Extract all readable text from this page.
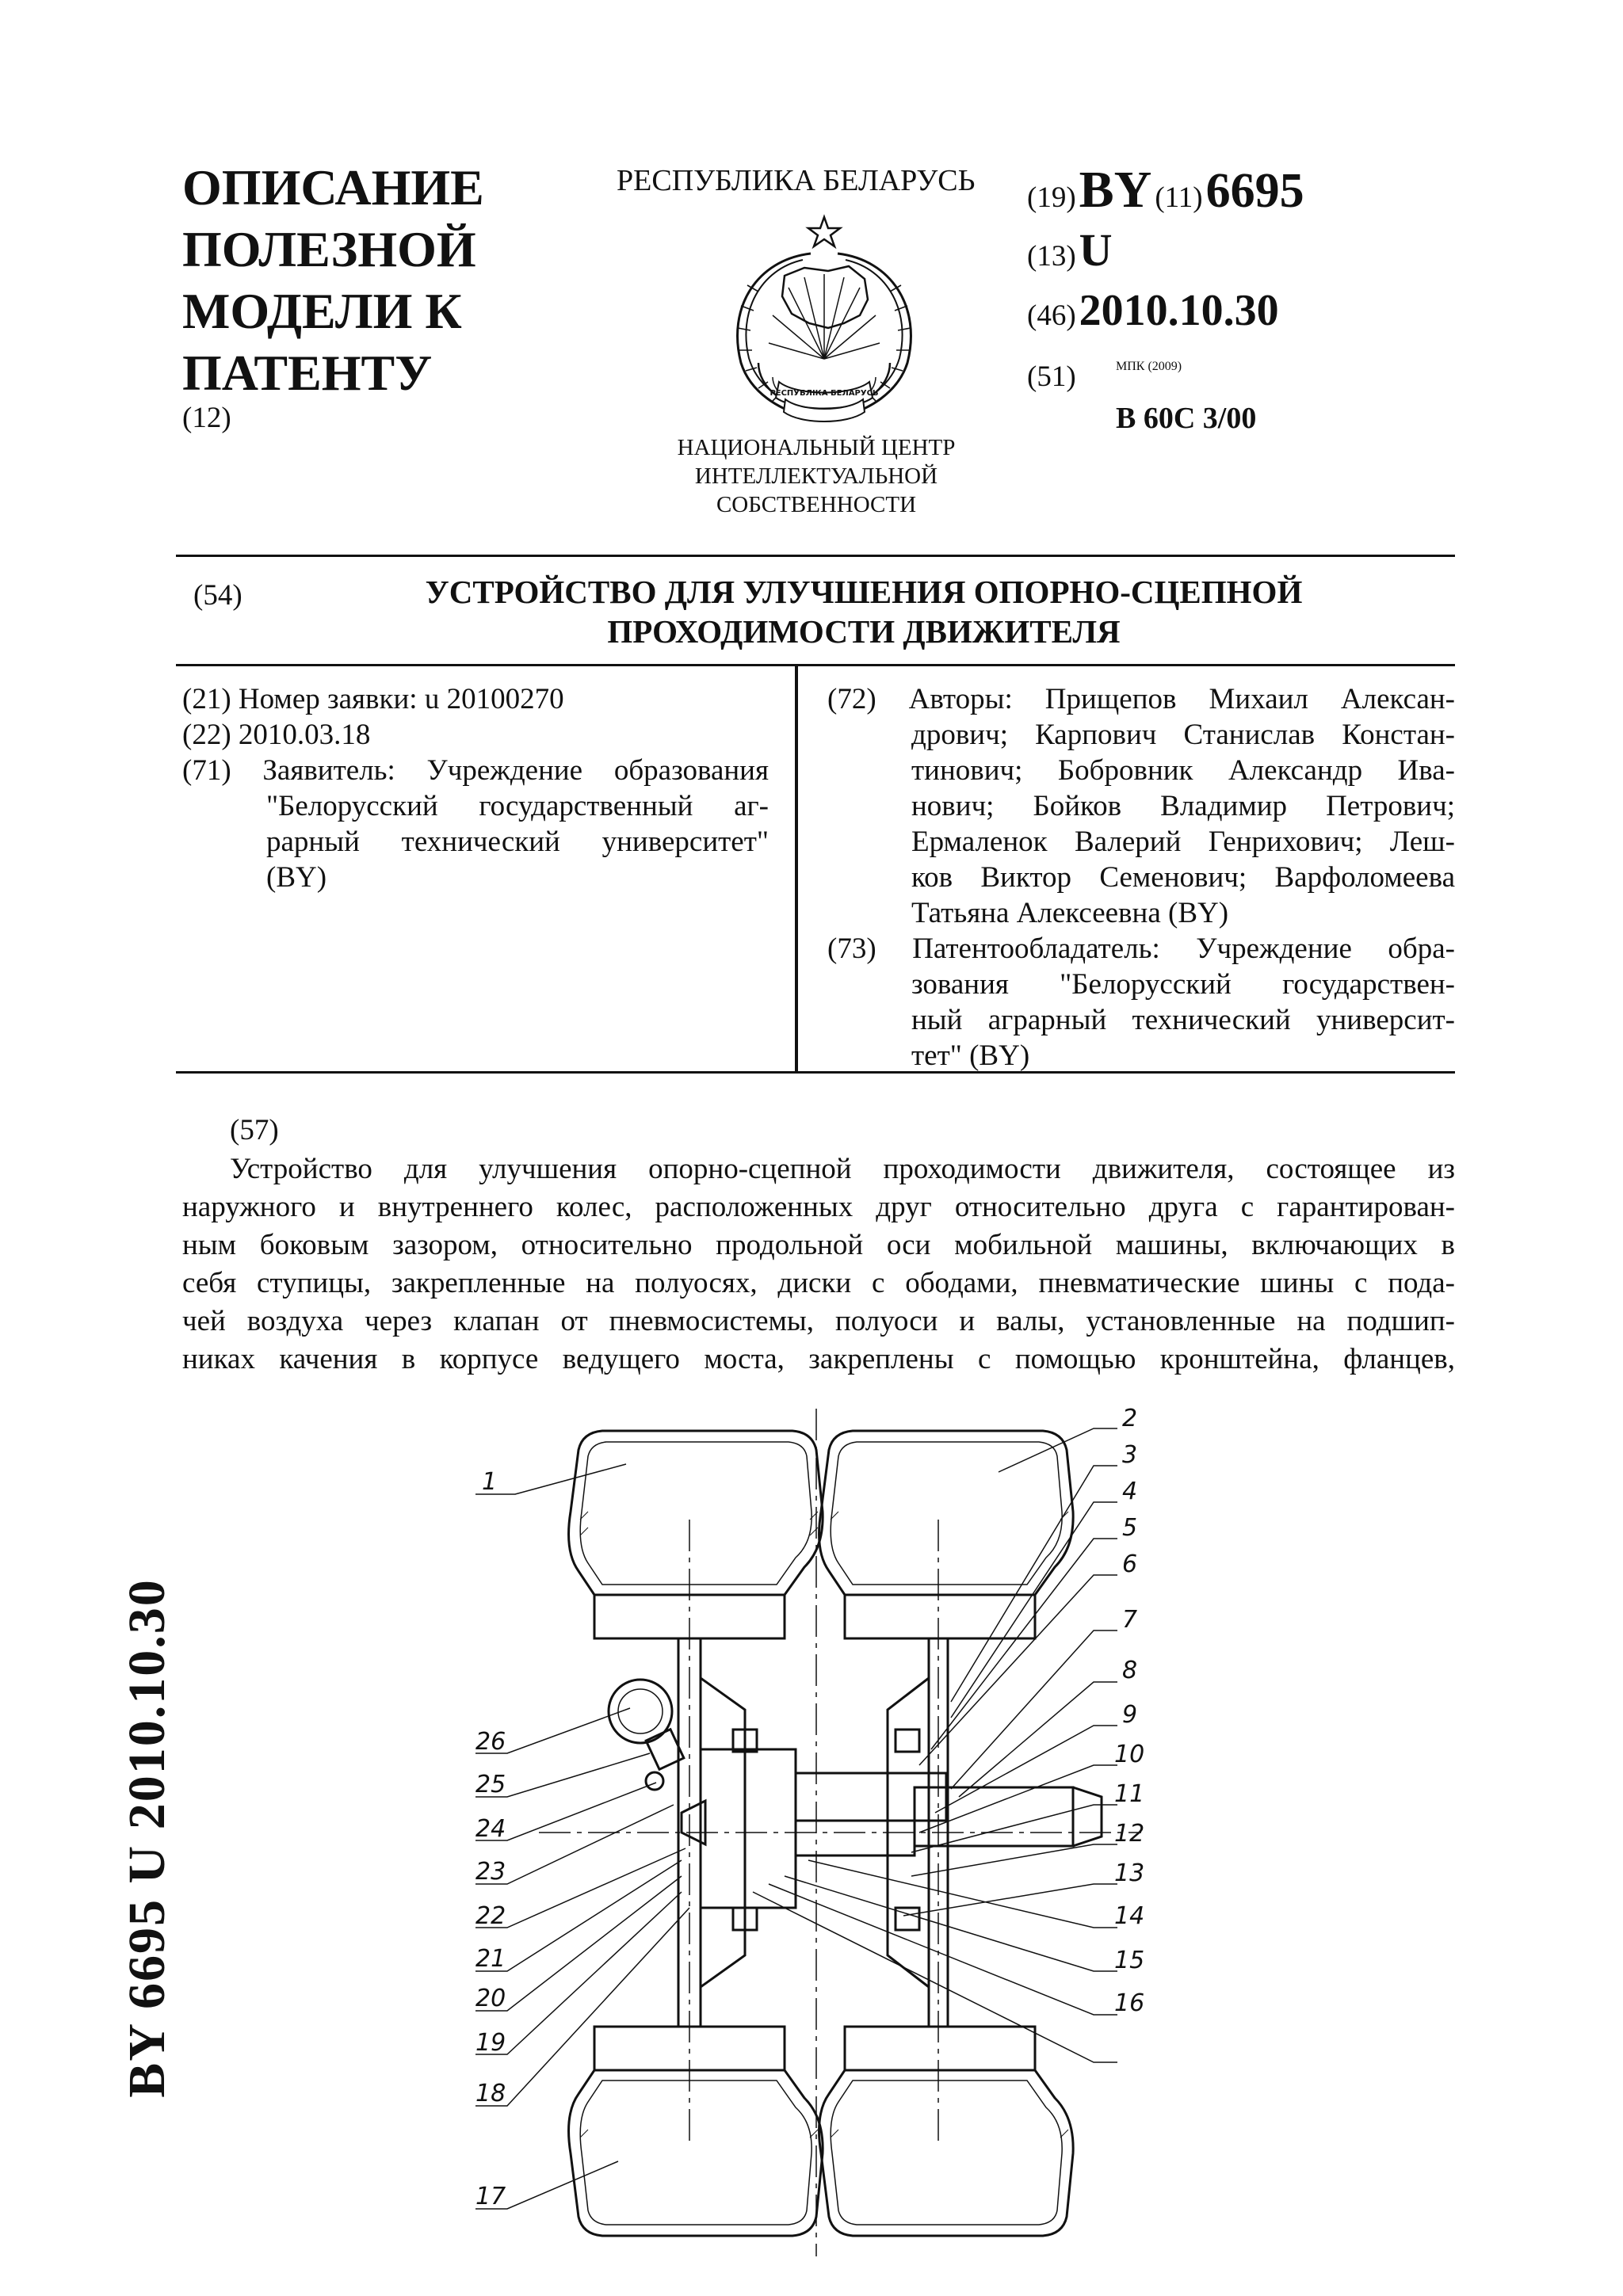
ОПИСАНИЕ
ПОЛЕЗНОЙ
МОДЕЛИ К
ПАТЕНТУ
(12)
РЕСПУБЛИКА БЕЛАРУСЬ
РЕСПУБЛІКА БЕЛАРУСЬ
НАЦИОНАЛЬНЫЙ ЦЕНТР
ИНТЕЛЛЕКТУАЛЬНОЙ
СОБСТВЕННОСТИ
(19) BY (11) 6695
(13) U
(46) 2010.10.30
(51)	МПК (2009)
B 60C 3/00
(54)	УСТРОЙСТВО ДЛЯ УЛУЧШЕНИЯ ОПОРНО-СЦЕПНОЙ
ПРОХОДИМОСТИ ДВИЖИТЕЛЯ
(21) Номер заявки: u 20100270
(22) 2010.03.18
(71) Заявитель: Учреждение образования
"Белорусский государственный аг-
рарный технический университет"
(BY)
(72) Авторы: Прищепов Михаил Алексан-
дрович; Карпович Станислав Констан-
тинович; Бобровник Александр Ива-
нович; Бойков Владимир Петрович;
Ермаленок Валерий Генрихович; Леш-
ков Виктор Семенович; Варфоломеева
Татьяна Алексеевна (BY)
(73) Патентообладатель: Учреждение обра-
зования "Белорусский государствен-
ный аграрный технический университ-
тет" (BY)
(57)
Устройство для улучшения опорно-сцепной проходимости движителя, состоящее из
наружного и внутреннего колес, расположенных друг относительно друга с гарантирован-
ным боковым зазором, относительно продольной оси мобильной машины, включающих в
себя ступицы, закрепленные на полуосях, диски с ободами, пневматические шины с пода-
чей воздуха через клапан от пневмосистемы, полуоси и валы, установленные на подшип-
никах качения в корпусе ведущего моста, закреплены с помощью кронштейна, фланцев,
1
2
3
4
5
6
7
8
9
10
11
12
13
14
15
16
17
18
19
20
21
22
23
24
25
26
BY 6695 U 2010.10.30
